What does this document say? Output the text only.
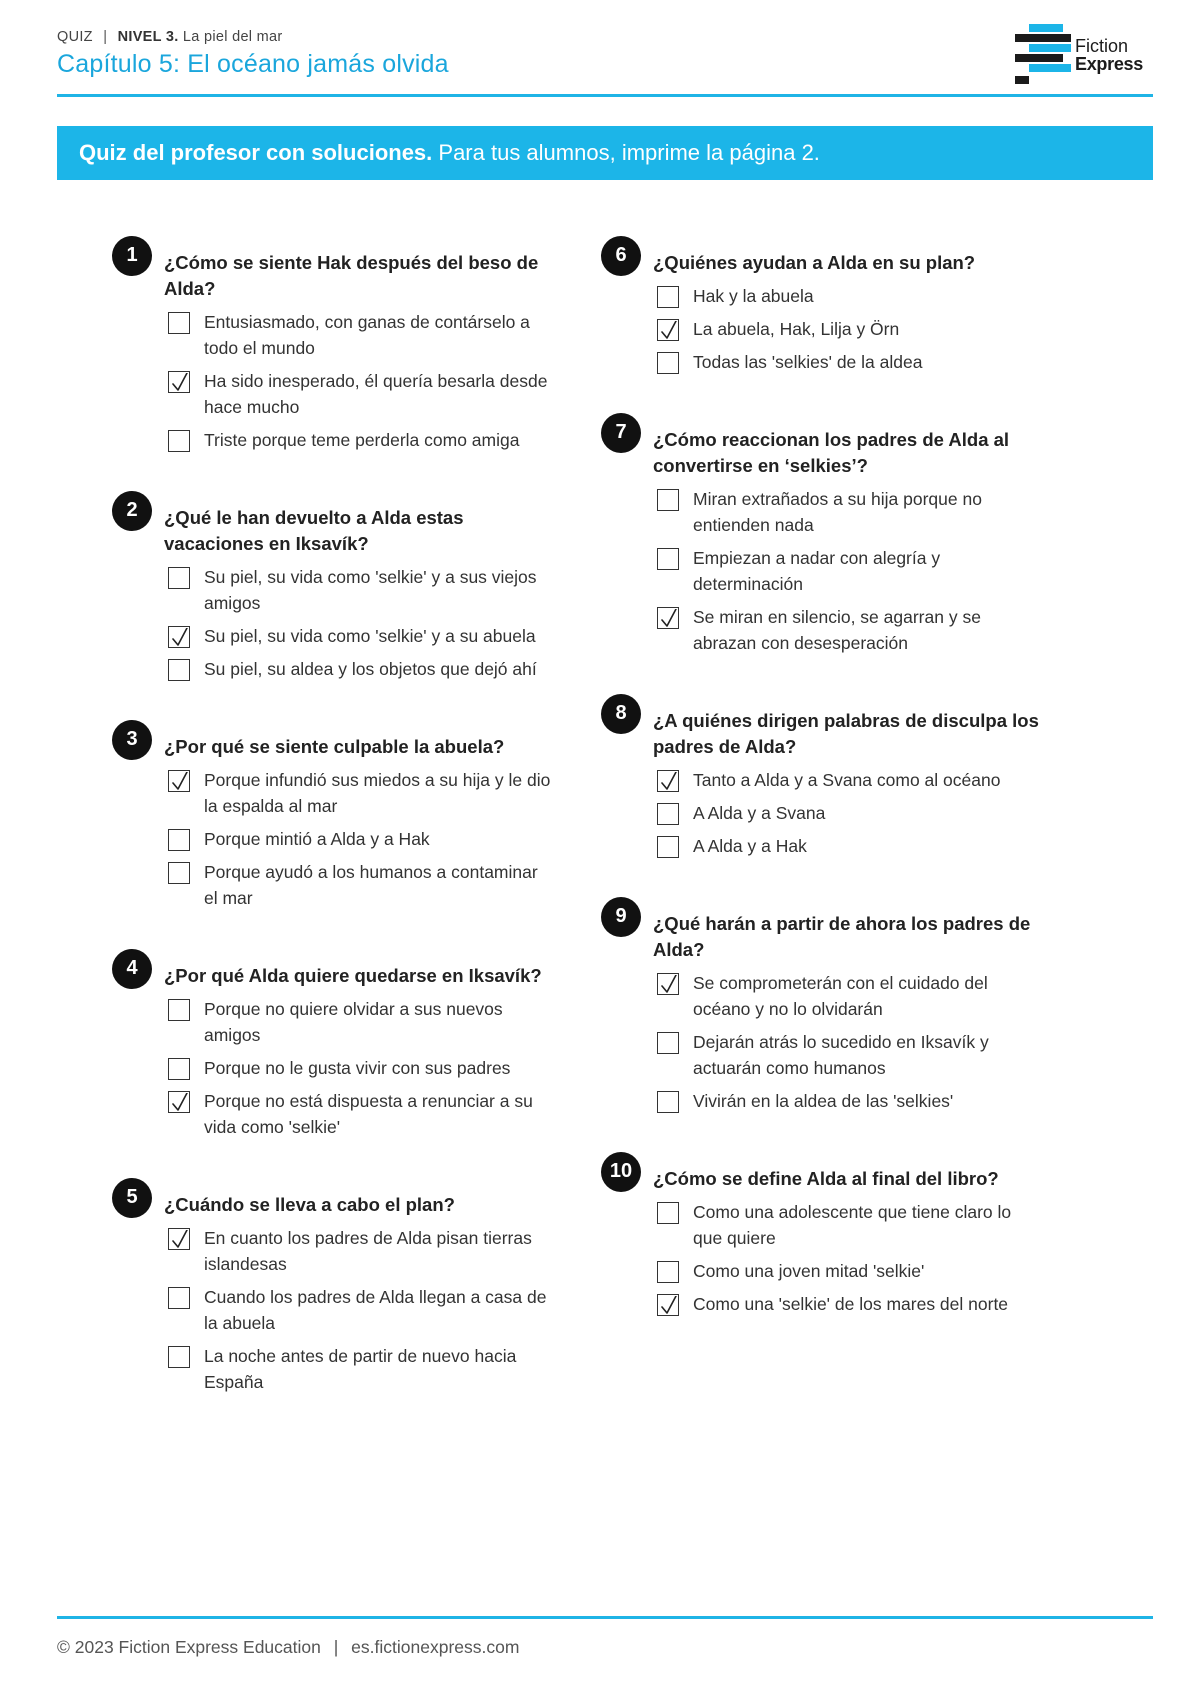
QUIZ | NIVEL 3. La piel del mar
Capítulo 5: El océano jamás olvida
Fiction
Express
Quiz del profesor con soluciones. Para tus alumnos, imprime la página 2.
1	¿Cómo se siente Hak después del beso de Alda?
Entusiasmado, con ganas de contárselo a todo el mundo
Ha sido inesperado, él quería besarla desde hace mucho
Triste porque teme perderla como amiga
2	¿Qué le han devuelto a Alda estas vacaciones en Iksavík?
Su piel, su vida como 'selkie' y a sus viejos amigos
Su piel, su vida como 'selkie' y a su abuela
Su piel, su aldea y los objetos que dejó ahí
3	¿Por qué se siente culpable la abuela?
Porque infundió sus miedos a su hija y le dio la espalda al mar
Porque mintió a Alda y a Hak
Porque ayudó a los humanos a contaminar el mar
4	¿Por qué Alda quiere quedarse en Iksavík?
Porque no quiere olvidar a sus nuevos amigos
Porque no le gusta vivir con sus padres
Porque no está dispuesta a renunciar a su vida como 'selkie'
5	¿Cuándo se lleva a cabo el plan?
En cuanto los padres de Alda pisan tierras islandesas
Cuando los padres de Alda llegan a casa de la abuela
La noche antes de partir de nuevo hacia España
6	¿Quiénes ayudan a Alda en su plan?
Hak y la abuela
La abuela, Hak, Lilja y Örn
Todas las 'selkies' de la aldea
7	¿Cómo reaccionan los padres de Alda al convertirse en ‘selkies’?
Miran extrañados a su hija porque no entienden nada
Empiezan a nadar con alegría y determinación
Se miran en silencio, se agarran y se abrazan con desesperación
8	¿A quiénes dirigen palabras de disculpa los padres de Alda?
Tanto a Alda y a Svana como al océano
A Alda y a Svana
A Alda y a Hak
9	¿Qué harán a partir de ahora los padres de Alda?
Se comprometerán con el cuidado del océano y no lo olvidarán
Dejarán atrás lo sucedido en Iksavík y actuarán como humanos
Vivirán en la aldea de las 'selkies'
10	¿Cómo se define Alda al final del libro?
Como una adolescente que tiene claro lo que quiere
Como una joven mitad 'selkie'
Como una 'selkie' de los mares del norte
© 2023 Fiction Express Education | es.fictionexpress.com
